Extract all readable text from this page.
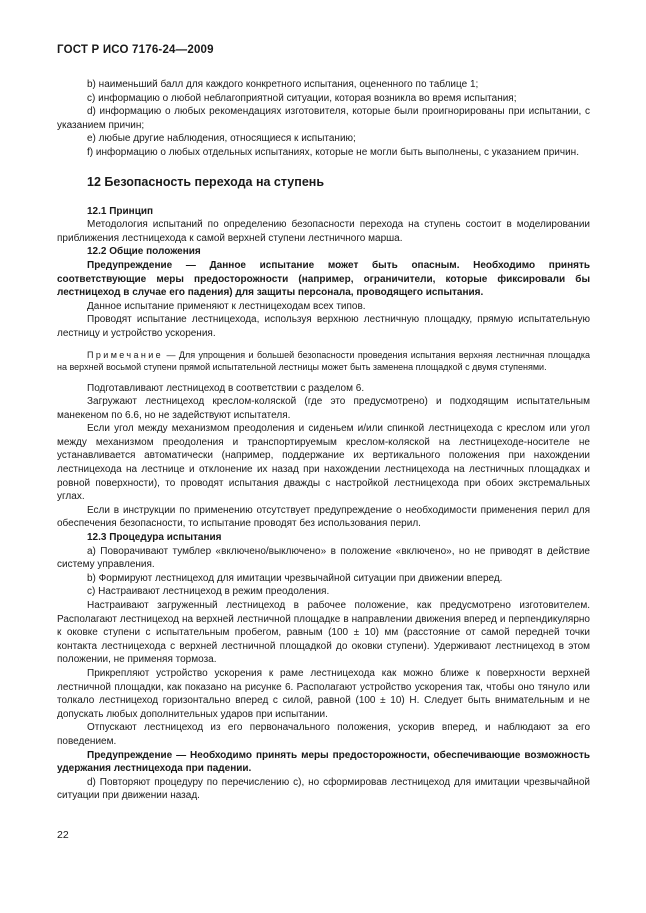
ГОСТ Р ИСО 7176-24—2009

b) наименьший балл для каждого конкретного испытания, оцененного по таблице 1;

c) информацию о любой неблагоприятной ситуации, которая возникла во время испытания;

d) информацию о любых рекомендациях изготовителя, которые были проигнорированы при испытании, с указанием причин;

e) любые другие наблюдения, относящиеся к испытанию;

f) информацию о любых отдельных испытаниях, которые не могли быть выполнены, с указанием причин.

12 Безопасность перехода на ступень

12.1 Принцип

Методология испытаний по определению безопасности перехода на ступень состоит в моделировании приближения лестницехода к самой верхней ступени лестничного марша.

12.2 Общие положения

Предупреждение — Данное испытание может быть опасным. Необходимо принять соответствующие меры предосторожности (например, ограничители, которые фиксировали бы лестницеход в случае его падения) для защиты персонала, проводящего испытания.

Данное испытание применяют к лестницеходам всех типов.

Проводят испытание лестницехода, используя верхнюю лестничную площадку, прямую испытательную лестницу и устройство ускорения.

Примечание — Для упрощения и большей безопасности проведения испытания верхняя лестничная площадка на верхней восьмой ступени прямой испытательной лестницы может быть заменена площадкой с двумя ступенями.

Подготавливают лестницеход в соответствии с разделом 6.

Загружают лестницеход креслом-коляской (где это предусмотрено) и подходящим испытательным манекеном по 6.6, но не задействуют испытателя.

Если угол между механизмом преодоления и сиденьем и/или спинкой лестницехода с креслом или угол между механизмом преодоления и транспортируемым креслом-коляской на лестницеходе-носителе не устанавливается автоматически (например, поддержание их вертикального положения при нахождении лестницехода на лестнице и отклонение их назад при нахождении лестницехода на лестничных площадках и ровной поверхности), то проводят испытания дважды с настройкой лестницехода при обоих экстремальных углах.

Если в инструкции по применению отсутствует предупреждение о необходимости применения перил для обеспечения безопасности, то испытание проводят без использования перил.

12.3 Процедура испытания

a) Поворачивают тумблер «включено/выключено» в положение «включено», но не приводят в действие систему управления.

b) Формируют лестницеход для имитации чрезвычайной ситуации при движении вперед.

c) Настраивают лестницеход в режим преодоления.

Настраивают загруженный лестницеход в рабочее положение, как предусмотрено изготовителем. Располагают лестницеход на верхней лестничной площадке в направлении движения вперед и перпендикулярно к оковке ступени с испытательным пробегом, равным (100 ± 10) мм (расстояние от самой передней точки контакта лестницехода с верхней лестничной площадкой до оковки ступени). Удерживают лестницеход в этом положении, не применяя тормоза.

Прикрепляют устройство ускорения к раме лестницехода как можно ближе к поверхности верхней лестничной площадки, как показано на рисунке 6. Располагают устройство ускорения так, чтобы оно тянуло или толкало лестницеход горизонтально вперед с силой, равной (100 ± 10) Н. Следует быть внимательным и не допускать любых дополнительных ударов при испытании.

Отпускают лестницеход из его первоначального положения, ускорив вперед, и наблюдают за его поведением.

Предупреждение — Необходимо принять меры предосторожности, обеспечивающие возможность удержания лестницехода при падении.

d) Повторяют процедуру по перечислению c), но сформировав лестницеход для имитации чрезвычайной ситуации при движении назад.

22
